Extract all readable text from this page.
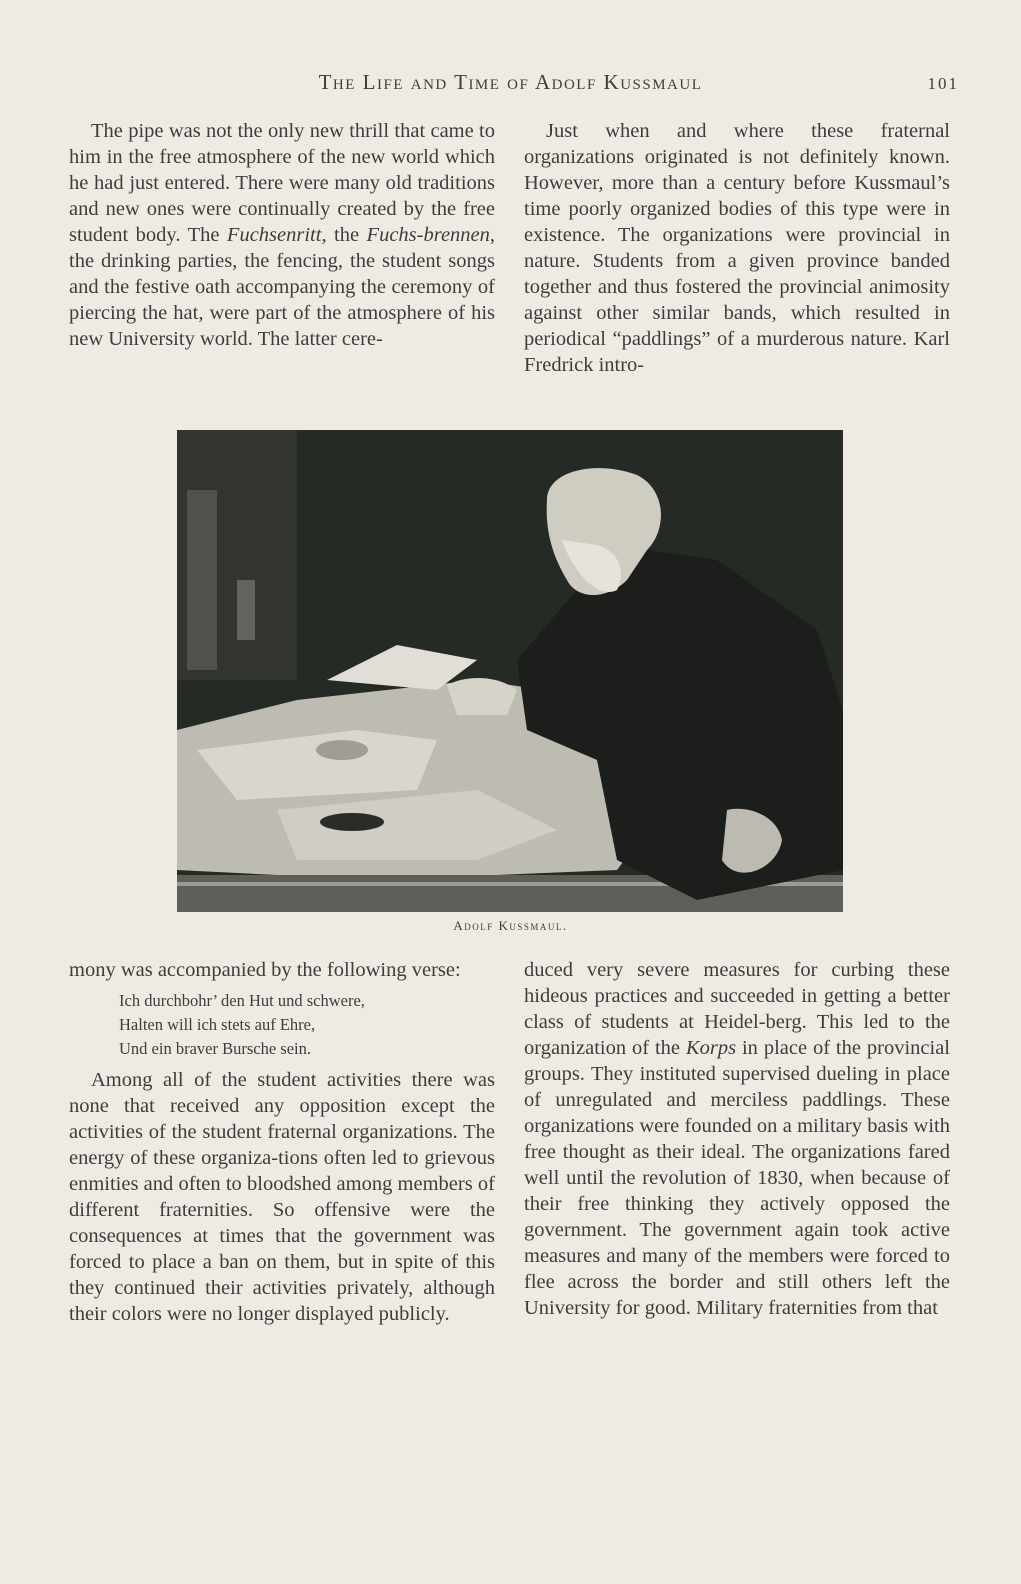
The Life and Time of Adolf Kussmaul	101

The pipe was not the only new thrill that came to him in the free atmosphere of the new world which he had just entered. There were many old traditions and new ones were continually created by the free student body. The Fuchsenritt, the Fuchs-brennen, the drinking parties, the fencing, the student songs and the festive oath accompanying the ceremony of piercing the hat, were part of the atmosphere of his new University world. The latter cere-

Just when and where these fraternal organizations originated is not definitely known. However, more than a century before Kussmaul’s time poorly organized bodies of this type were in existence. The organizations were provincial in nature. Students from a given province banded together and thus fostered the provincial animosity against other similar bands, which resulted in periodical “paddlings” of a murderous nature. Karl Fredrick intro-

Adolf Kussmaul.

mony was accompanied by the following verse:

Ich durchbohr’ den Hut und schwere,
Halten will ich stets auf Ehre,
Und ein braver Bursche sein.

Among all of the student activities there was none that received any opposition except the activities of the student fraternal organizations. The energy of these organiza-tions often led to grievous enmities and often to bloodshed among members of different fraternities. So offensive were the consequences at times that the government was forced to place a ban on them, but in spite of this they continued their activities privately, although their colors were no longer displayed publicly.

duced very severe measures for curbing these hideous practices and succeeded in getting a better class of students at Heidel-berg. This led to the organization of the Korps in place of the provincial groups. They instituted supervised dueling in place of unregulated and merciless paddlings. These organizations were founded on a military basis with free thought as their ideal. The organizations fared well until the revolution of 1830, when because of their free thinking they actively opposed the government. The government again took active measures and many of the members were forced to flee across the border and still others left the University for good. Military fraternities from that
